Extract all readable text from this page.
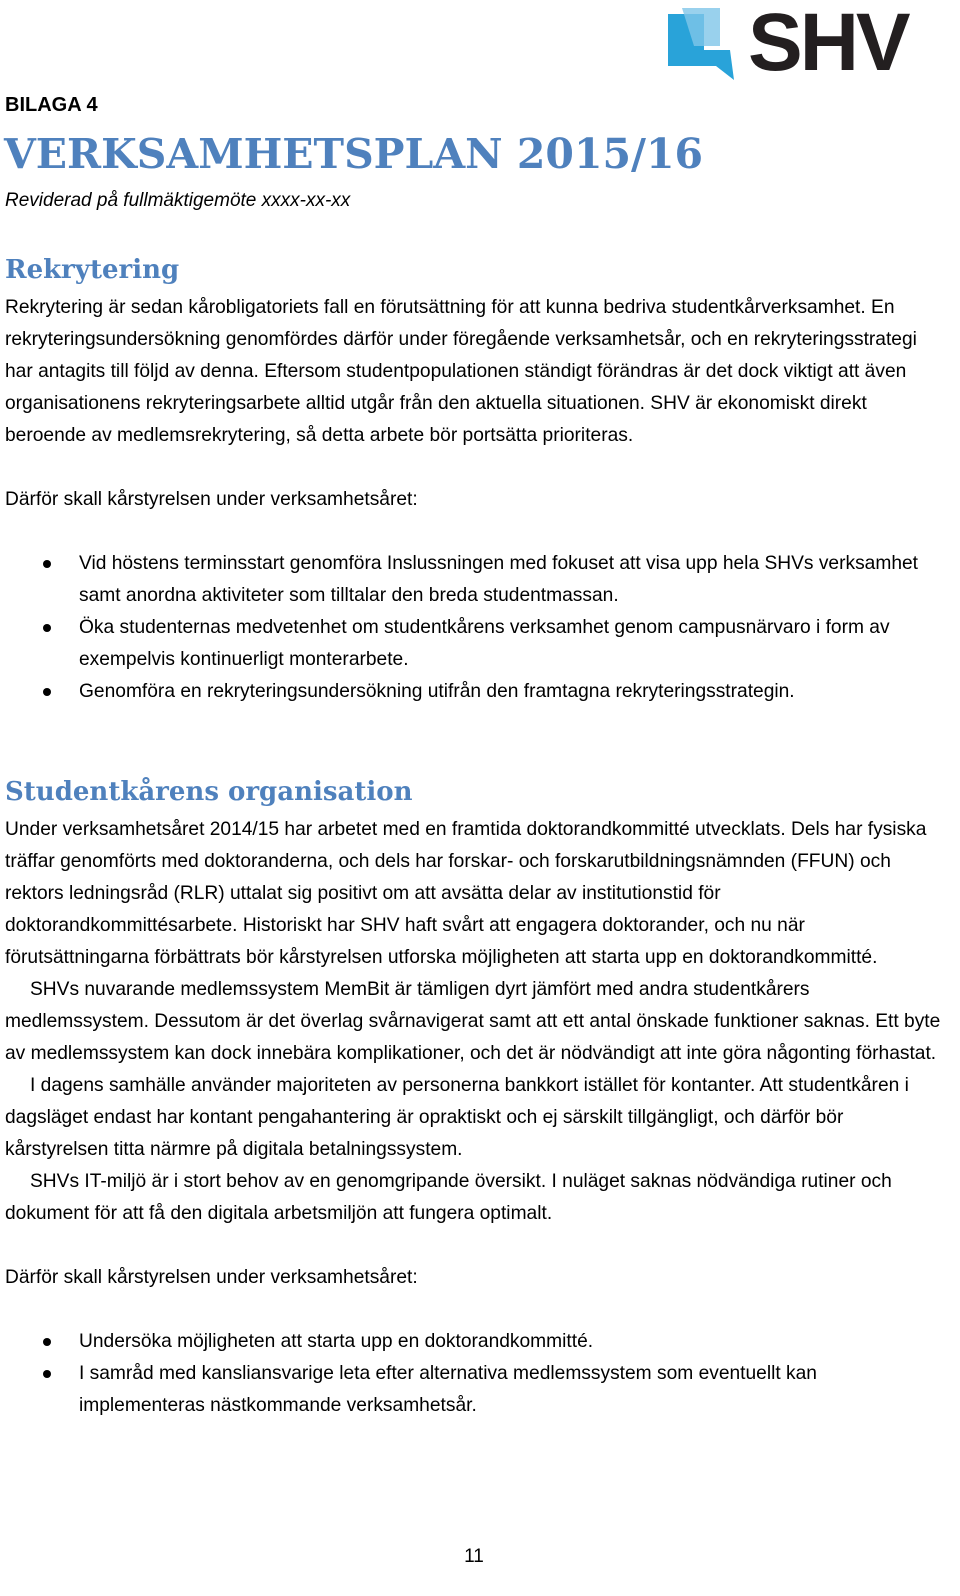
SHV
BILAGA 4
VERKSAMHETSPLAN 2015/16
Reviderad på fullmäktigemöte xxxx-xx-xx
Rekrytering

Rekrytering är sedan kårobligatoriets fall en förutsättning för att kunna bedriva studentkårverksamhet. En rekryteringsundersökning genomfördes därför under föregående verksamhetsår, och en rekryteringsstrategi har antagits till följd av denna. Eftersom studentpopulationen ständigt förändras är det dock viktigt att även organisationens rekryteringsarbete alltid utgår från den aktuella situationen. SHV är ekonomiskt direkt beroende av medlemsrekrytering, så detta arbete bör portsätta prioriteras.

Därför skall kårstyrelsen under verksamhetsåret:

Vid höstens terminsstart genomföra Inslussningen med fokuset att visa upp hela SHVs verksamhet samt anordna aktiviteter som tilltalar den breda studentmassan.
Öka studenternas medvetenhet om studentkårens verksamhet genom campusnärvaro i form av exempelvis kontinuerligt monterarbete.
Genomföra en rekryteringsundersökning utifrån den framtagna rekryteringsstrategin.
Studentkårens organisation

Under verksamhetsåret 2014/15 har arbetet med en framtida doktorandkommitté utvecklats. Dels har fysiska träffar genomförts med doktoranderna, och dels har forskar- och forskarutbildningsnämnden (FFUN) och rektors ledningsråd (RLR) uttalat sig positivt om att avsätta delar av institutionstid för doktorandkommittésarbete. Historiskt har SHV haft svårt att engagera doktorander, och nu när förutsättningarna förbättrats bör kårstyrelsen utforska möjligheten att starta upp en doktorandkommitté.

SHVs nuvarande medlemssystem MemBit är tämligen dyrt jämfört med andra studentkårers medlemssystem. Dessutom är det överlag svårnavigerat samt att ett antal önskade funktioner saknas. Ett byte av medlemssystem kan dock innebära komplikationer, och det är nödvändigt att inte göra någonting förhastat.

I dagens samhälle använder majoriteten av personerna bankkort istället för kontanter. Att studentkåren i dagsläget endast har kontant pengahantering är opraktiskt och ej särskilt tillgängligt, och därför bör kårstyrelsen titta närmre på digitala betalningssystem.

SHVs IT-miljö är i stort behov av en genomgripande översikt. I nuläget saknas nödvändiga rutiner och dokument för att få den digitala arbetsmiljön att fungera optimalt.

Därför skall kårstyrelsen under verksamhetsåret:

Undersöka möjligheten att starta upp en doktorandkommitté.
I samråd med kansliansvarige leta efter alternativa medlemssystem som eventuellt kan implementeras nästkommande verksamhetsår.
11
